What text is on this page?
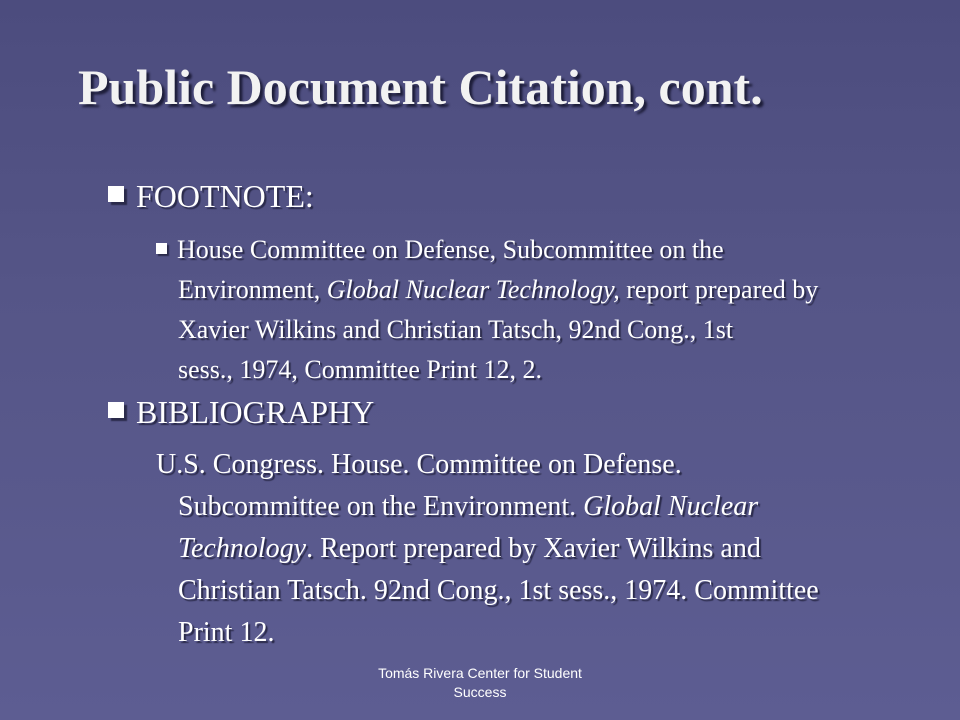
Public Document Citation, cont.
FOOTNOTE:
House Committee on Defense, Subcommittee on the
Environment, Global Nuclear Technology, report prepared by
Xavier Wilkins and Christian Tatsch, 92nd Cong., 1st
sess., 1974, Committee Print 12, 2.
BIBLIOGRAPHY
U.S. Congress. House. Committee on Defense.
Subcommittee on the Environment. Global Nuclear
Technology. Report prepared by Xavier Wilkins and
Christian Tatsch. 92nd Cong., 1st sess., 1974. Committee
Print 12.
Tomás Rivera Center for Student
Success
